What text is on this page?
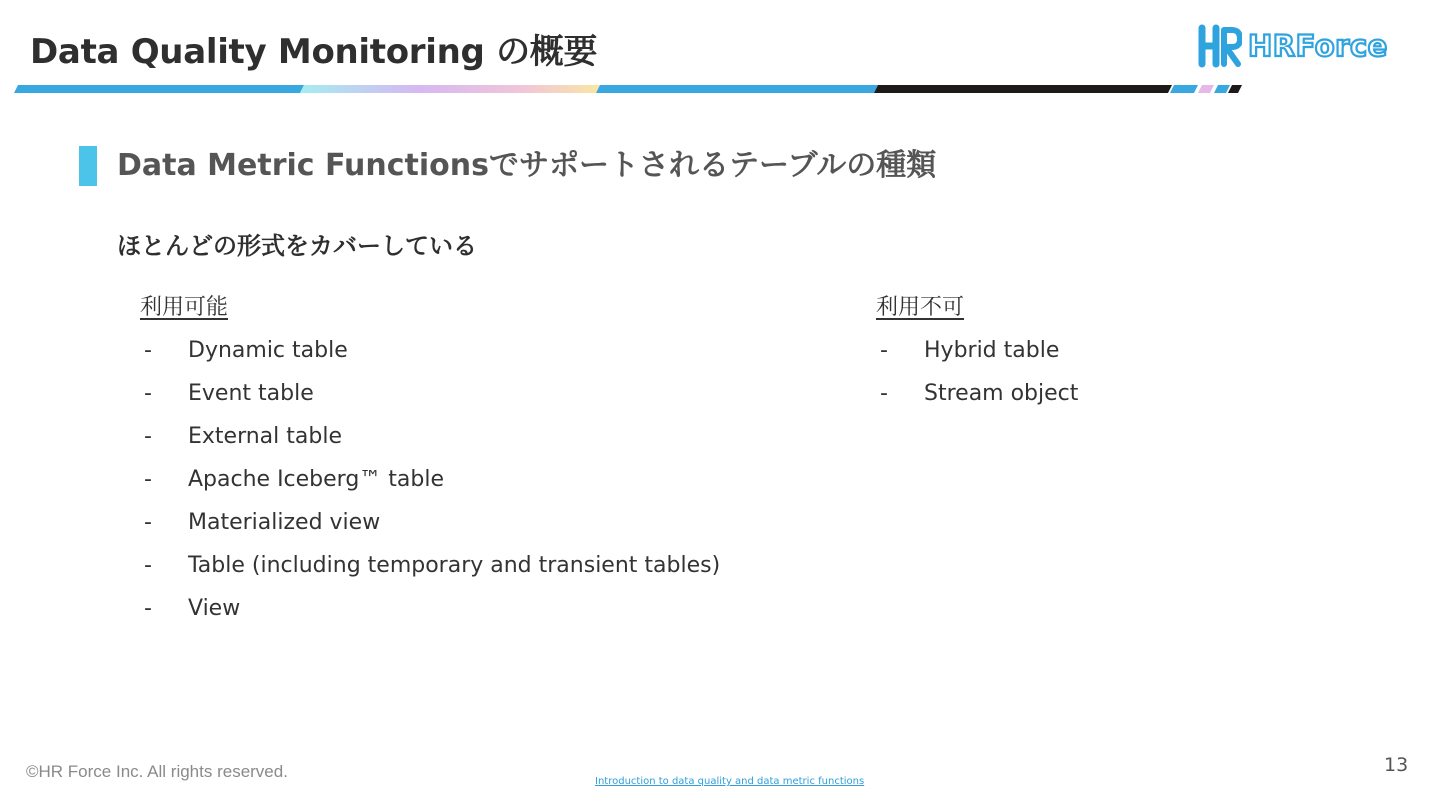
Data Quality Monitoring の概要	HRForce
Data Metric Functionsでサポートされるテーブルの種類
ほとんどの形式をカバーしている

利用可能

-	Dynamic table
-	Event table
-	External table
-	Apache Iceberg™ table
-	Materialized view
-	Table (including temporary and transient tables)
-	View

利用不可

-	Hybrid table
-	Stream object
©HR Force Inc. All rights reserved.
Introduction to data quality and data metric functions
13
